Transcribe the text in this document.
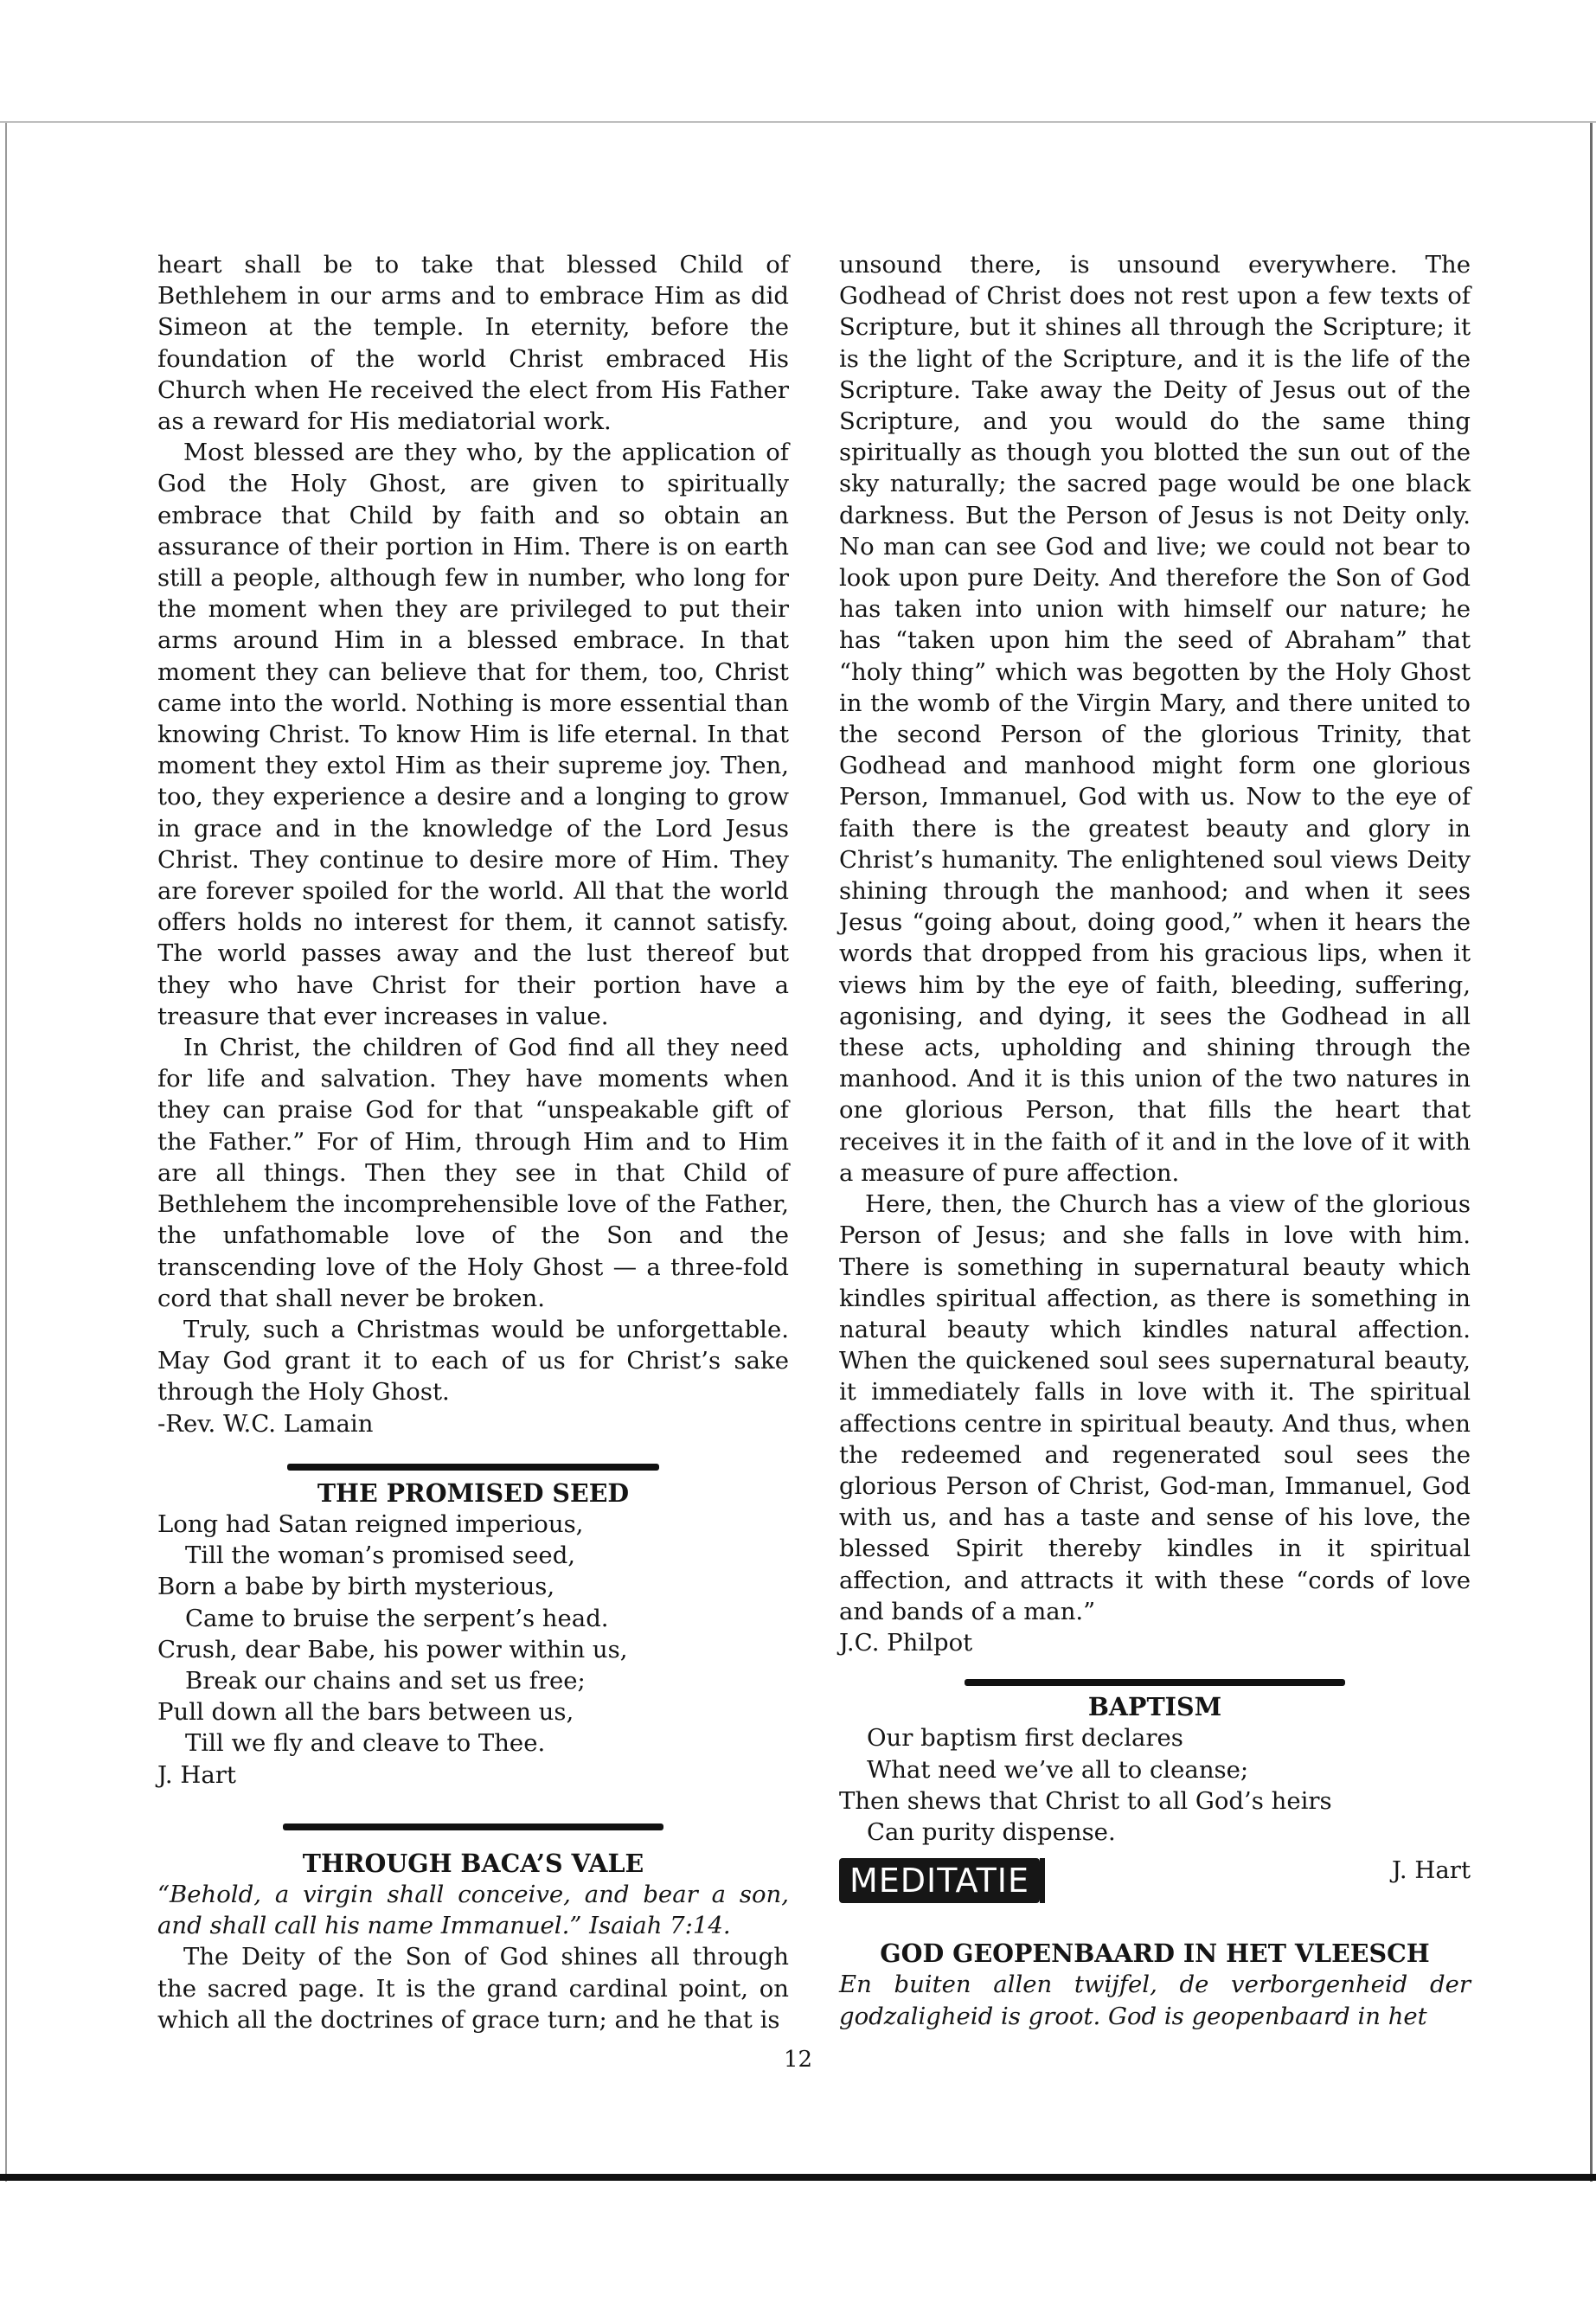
heart shall be to take that blessed Child of Bethlehem in our arms and to embrace Him as did Simeon at the temple. In eternity, before the foundation of the world Christ embraced His Church when He received the elect from His Father as a reward for His mediatorial work.

Most blessed are they who, by the application of God the Holy Ghost, are given to spiritually embrace that Child by faith and so obtain an assurance of their portion in Him. There is on earth still a people, although few in number, who long for the moment when they are privileged to put their arms around Him in a blessed embrace. In that moment they can believe that for them, too, Christ came into the world. Nothing is more essential than knowing Christ. To know Him is life eternal. In that moment they extol Him as their supreme joy. Then, too, they experience a desire and a longing to grow in grace and in the knowledge of the Lord Jesus Christ. They continue to desire more of Him. They are forever spoiled for the world. All that the world offers holds no interest for them, it cannot satisfy. The world passes away and the lust thereof but they who have Christ for their portion have a treasure that ever increases in value.

In Christ, the children of God find all they need for life and salvation. They have moments when they can praise God for that “unspeakable gift of the Father.” For of Him, through Him and to Him are all things. Then they see in that Child of Bethlehem the incomprehensible love of the Father, the unfathomable love of the Son and the transcending love of the Holy Ghost — a three-fold cord that shall never be broken.

Truly, such a Christmas would be unforgettable. May God grant it to each of us for Christ’s sake through the Holy Ghost.

-Rev. W.C. Lamain

THE PROMISED SEED
Long had Satan reigned imperious,
Till the woman’s promised seed,
Born a babe by birth mysterious,
Came to bruise the serpent’s head.
Crush, dear Babe, his power within us,
Break our chains and set us free;
Pull down all the bars between us,
Till we fly and cleave to Thee.

J. Hart

THROUGH BACA’S VALE

“Behold, a virgin shall conceive, and bear a son, and shall call his name Immanuel.” Isaiah 7:14.

The Deity of the Son of God shines all through the sacred page. It is the grand cardinal point, on which all the doctrines of grace turn; and he that is

unsound there, is unsound everywhere. The Godhead of Christ does not rest upon a few texts of Scripture, but it shines all through the Scripture; it is the light of the Scripture, and it is the life of the Scripture. Take away the Deity of Jesus out of the Scripture, and you would do the same thing spiritually as though you blotted the sun out of the sky naturally; the sacred page would be one black darkness. But the Person of Jesus is not Deity only. No man can see God and live; we could not bear to look upon pure Deity. And therefore the Son of God has taken into union with himself our nature; he has “taken upon him the seed of Abraham” that “holy thing” which was begotten by the Holy Ghost in the womb of the Virgin Mary, and there united to the second Person of the glorious Trinity, that Godhead and manhood might form one glorious Person, Immanuel, God with us. Now to the eye of faith there is the greatest beauty and glory in Christ’s humanity. The enlightened soul views Deity shining through the manhood; and when it sees Jesus “going about, doing good,” when it hears the words that dropped from his gracious lips, when it views him by the eye of faith, bleeding, suffering, agonising, and dying, it sees the Godhead in all these acts, upholding and shining through the manhood. And it is this union of the two natures in one glorious Person, that fills the heart that receives it in the faith of it and in the love of it with a measure of pure affection.

Here, then, the Church has a view of the glorious Person of Jesus; and she falls in love with him. There is something in supernatural beauty which kindles spiritual affection, as there is something in natural beauty which kindles natural affection. When the quickened soul sees supernatural beauty, it immediately falls in love with it. The spiritual affections centre in spiritual beauty. And thus, when the redeemed and regenerated soul sees the glorious Person of Christ, God-man, Immanuel, God with us, and has a taste and sense of his love, the blessed Spirit thereby kindles in it spiritual affection, and attracts it with these “cords of love and bands of a man.”

J.C. Philpot

BAPTISM
Our baptism first declares
What need we’ve all to cleanse;
Then shews that Christ to all God’s heirs
Can purity dispense.
MEDITATIE	J. Hart

GOD GEOPENBAARD IN HET VLEESCH

En buiten allen twijfel, de verborgenheid der godzaligheid is groot. God is geopenbaard in het

12
